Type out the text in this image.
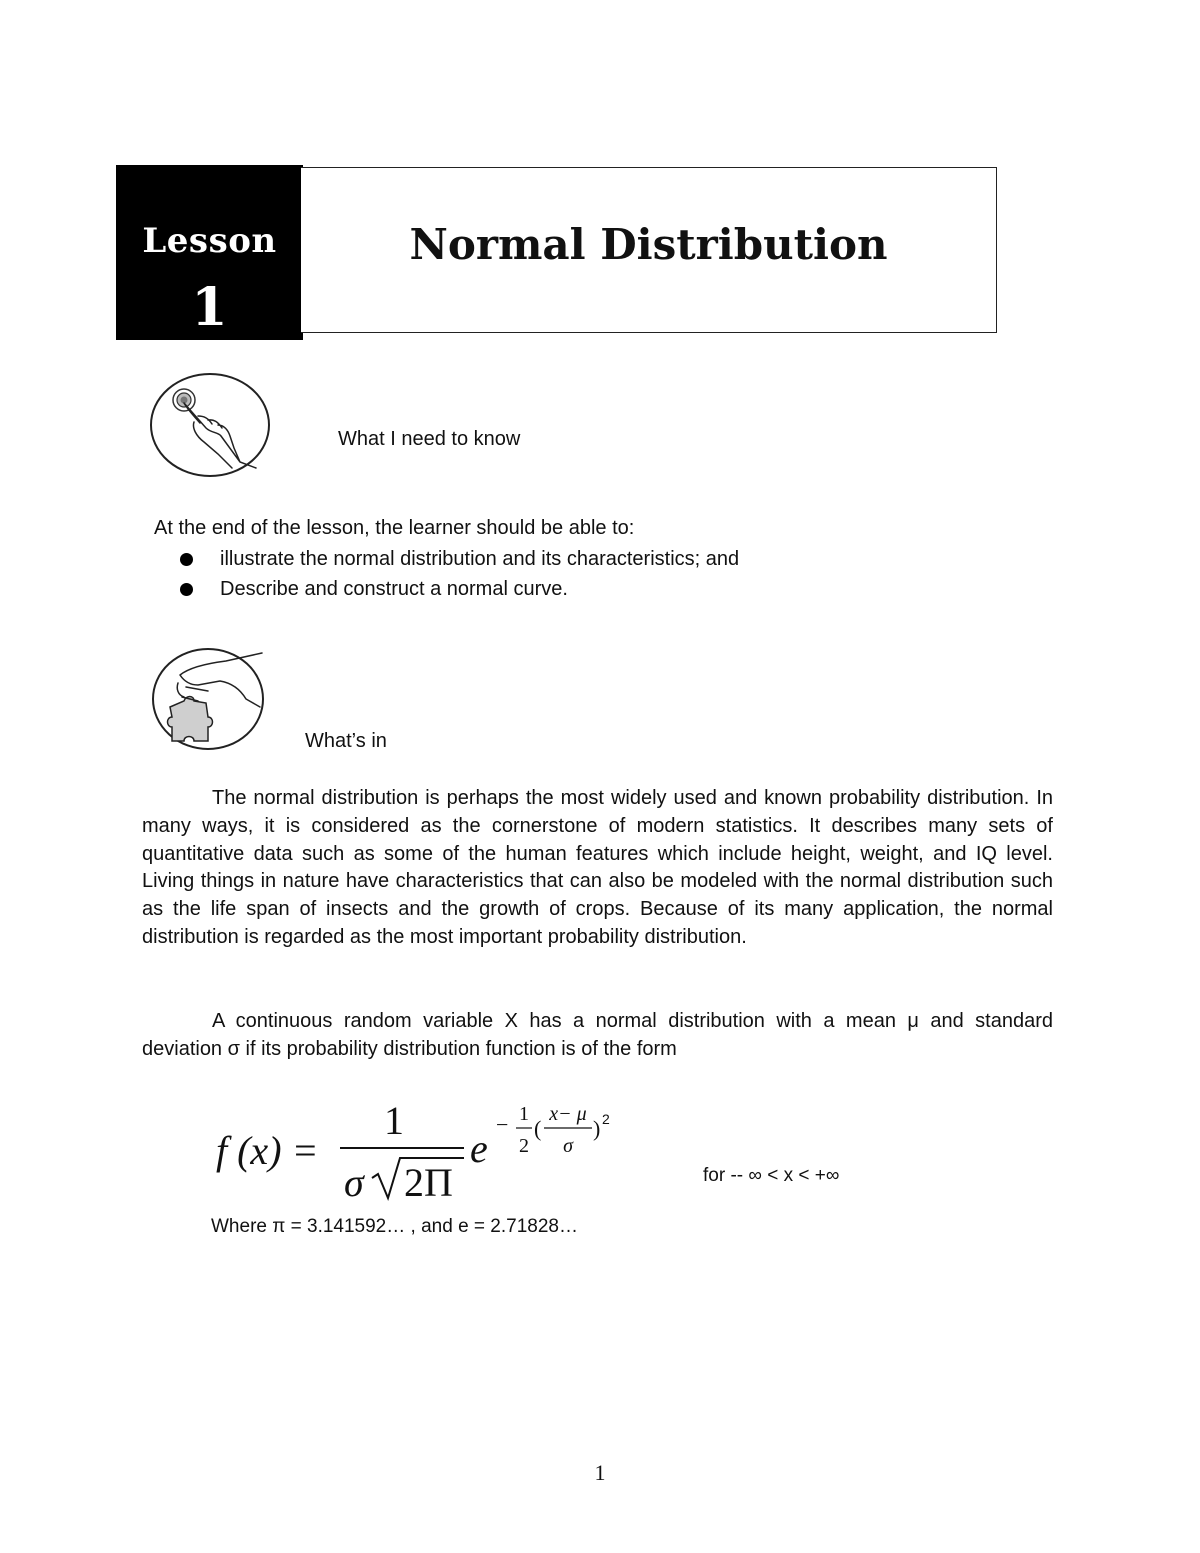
Lesson
1
Normal Distribution
What I need to know
At the end of the lesson, the learner should be able to:
illustrate the normal distribution and its characteristics; and
Describe and construct a normal curve.
What’s in

The normal distribution is perhaps the most widely used and known probability distribution. In many ways, it is considered as the cornerstone of modern statistics. It describes many sets of quantitative data such as some of the human features which include height, weight, and IQ level. Living things in nature have characteristics that can also be modeled with the normal distribution such as the life span of insects and the growth of crops. Because of its many application, the normal distribution is regarded as the most important probability distribution.

A continuous random variable X has a normal distribution with a mean μ and standard deviation σ if its probability distribution function is of the form

f (x) =
1
σ 2Π
e
− 1
2
(
x− μ
σ
) 2
for -- ∞ < x < +∞
Where π = 3.141592… , and e = 2.71828…
1
